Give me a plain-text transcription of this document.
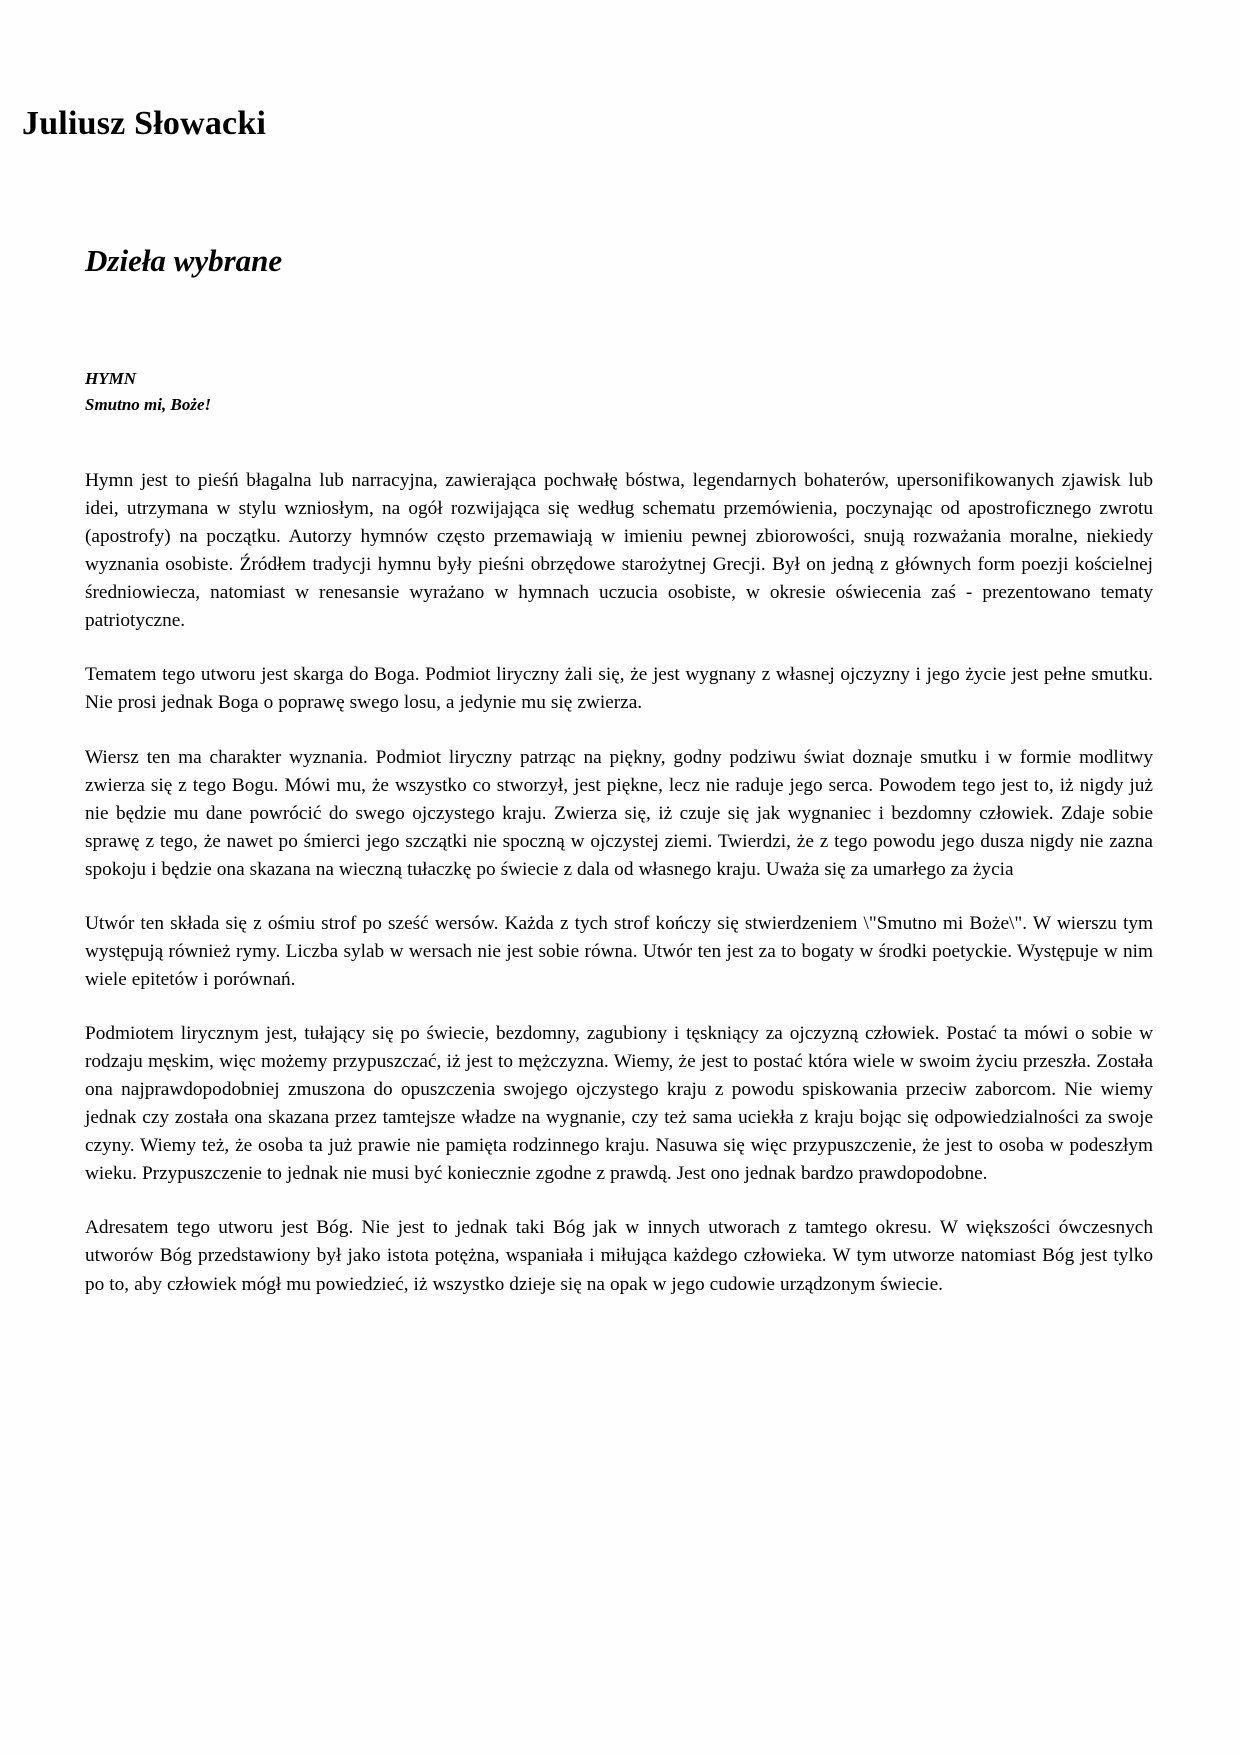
Juliusz Słowacki
Dzieła wybrane
HYMN
Smutno mi, Boże!

Hymn jest to pieśń błagalna lub narracyjna, zawierająca pochwałę bóstwa, legendarnych bohaterów, upersonifikowanych zjawisk lub idei, utrzymana w stylu wzniosłym, na ogół rozwijająca się według schematu przemówienia, poczynając od apostroficznego zwrotu (apostrofy) na początku. Autorzy hymnów często przemawiają w imieniu pewnej zbiorowości, snują rozważania moralne, niekiedy wyznania osobiste. Źródłem tradycji hymnu były pieśni obrzędowe starożytnej Grecji. Był on jedną z głównych form poezji kościelnej średniowiecza, natomiast w renesansie wyrażano w hymnach uczucia osobiste, w okresie oświecenia zaś - prezentowano tematy patriotyczne.

Tematem tego utworu jest skarga do Boga. Podmiot liryczny żali się, że jest wygnany z własnej ojczyzny i jego życie jest pełne smutku. Nie prosi jednak Boga o poprawę swego losu, a jedynie mu się zwierza.

Wiersz ten ma charakter wyznania. Podmiot liryczny patrząc na piękny, godny podziwu świat doznaje smutku i w formie modlitwy zwierza się z tego Bogu. Mówi mu, że wszystko co stworzył, jest piękne, lecz nie raduje jego serca. Powodem tego jest to, iż nigdy już nie będzie mu dane powrócić do swego ojczystego kraju. Zwierza się, iż czuje się jak wygnaniec i bezdomny człowiek. Zdaje sobie sprawę z tego, że nawet po śmierci jego szczątki nie spoczną w ojczystej ziemi. Twierdzi, że z tego powodu jego dusza nigdy nie zazna spokoju i będzie ona skazana na wieczną tułaczkę po świecie z dala od własnego kraju. Uważa się za umarłego za życia

Utwór ten składa się z ośmiu strof po sześć wersów. Każda z tych strof kończy się stwierdzeniem \"Smutno mi Boże\". W wierszu tym występują również rymy. Liczba sylab w wersach nie jest sobie równa. Utwór ten jest za to bogaty w środki poetyckie. Występuje w nim wiele epitetów i porównań.

Podmiotem lirycznym jest, tułający się po świecie, bezdomny, zagubiony i tęskniący za ojczyzną człowiek. Postać ta mówi o sobie w rodzaju męskim, więc możemy przypuszczać, iż jest to mężczyzna. Wiemy, że jest to postać która wiele w swoim życiu przeszła. Została ona najprawdopodobniej zmuszona do opuszczenia swojego ojczystego kraju z powodu spiskowania przeciw zaborcom. Nie wiemy jednak czy została ona skazana przez tamtejsze władze na wygnanie, czy też sama uciekła z kraju bojąc się odpowiedzialności za swoje czyny. Wiemy też, że osoba ta już prawie nie pamięta rodzinnego kraju. Nasuwa się więc przypuszczenie, że jest to osoba w podeszłym wieku. Przypuszczenie to jednak nie musi być koniecznie zgodne z prawdą. Jest ono jednak bardzo prawdopodobne.

Adresatem tego utworu jest Bóg. Nie jest to jednak taki Bóg jak w innych utworach z tamtego okresu. W większości ówczesnych utworów Bóg przedstawiony był jako istota potężna, wspaniała i miłująca każdego człowieka. W tym utworze natomiast Bóg jest tylko po to, aby człowiek mógł mu powiedzieć, iż wszystko dzieje się na opak w jego cudowie urządzonym świecie.
